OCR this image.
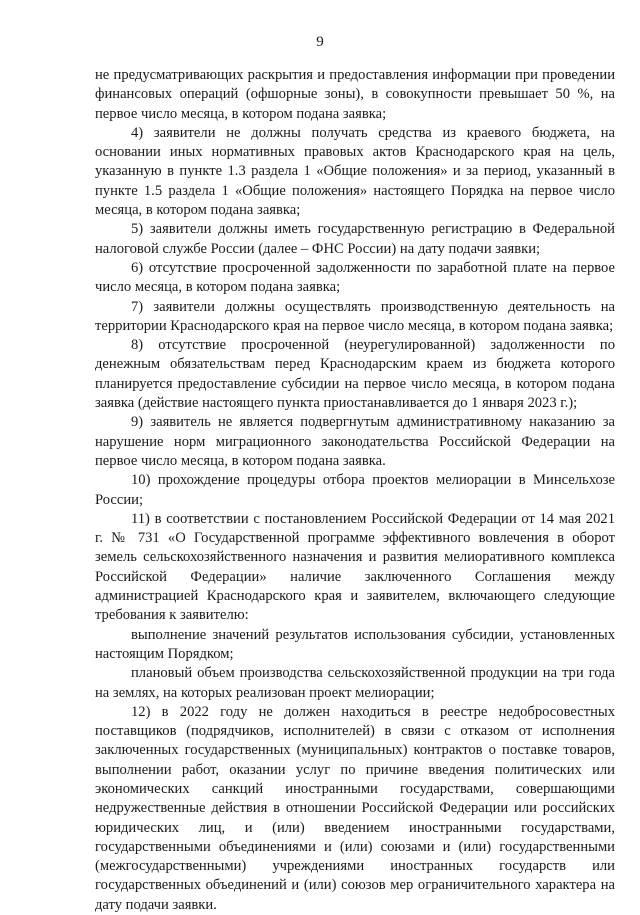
9

не предусматривающих раскрытия и предоставления информации при проведении финансовых операций (офшорные зоны), в совокупности превышает 50 %, на первое число месяца, в котором подана заявка;

4) заявители не должны получать средства из краевого бюджета, на основании иных нормативных правовых актов Краснодарского края на цель, указанную в пункте 1.3 раздела 1 «Общие положения» и за период, указанный в пункте 1.5 раздела 1 «Общие положения» настоящего Порядка на первое число месяца, в котором подана заявка;

5) заявители должны иметь государственную регистрацию в Федеральной налоговой службе России (далее – ФНС России) на дату подачи заявки;

6) отсутствие просроченной задолженности по заработной плате на первое число месяца, в котором подана заявка;

7) заявители должны осуществлять производственную деятельность на территории Краснодарского края на первое число месяца, в котором подана заявка;

8) отсутствие просроченной (неурегулированной) задолженности по денежным обязательствам перед Краснодарским краем из бюджета которого планируется предоставление субсидии на первое число месяца, в котором подана заявка (действие настоящего пункта приостанавливается до 1 января 2023 г.);

9) заявитель не является подвергнутым административному наказанию за нарушение норм миграционного законодательства Российской Федерации на первое число месяца, в котором подана заявка.

10) прохождение процедуры отбора проектов мелиорации в Минсельхозе России;

11) в соответствии с постановлением Российской Федерации от 14 мая 2021 г. № 731 «О Государственной программе эффективного вовлечения в оборот земель сельскохозяйственного назначения и развития мелиоративного комплекса Российской Федерации» наличие заключенного Соглашения между администрацией Краснодарского края и заявителем, включающего следующие требования к заявителю:

выполнение значений результатов использования субсидии, установленных настоящим Порядком;

плановый объем производства сельскохозяйственной продукции на три года на землях, на которых реализован проект мелиорации;

12) в 2022 году не должен находиться в реестре недобросовестных поставщиков (подрядчиков, исполнителей) в связи с отказом от исполнения заключенных государственных (муниципальных) контрактов о поставке товаров, выполнении работ, оказании услуг по причине введения политических или экономических санкций иностранными государствами, совершающими недружественные действия в отношении Российской Федерации или российских юридических лиц, и (или) введением иностранными государствами, государственными объединениями и (или) союзами и (или) государственными (межгосударственными) учреждениями иностранных государств или государственных объединений и (или) союзов мер ограничительного характера на дату подачи заявки.
